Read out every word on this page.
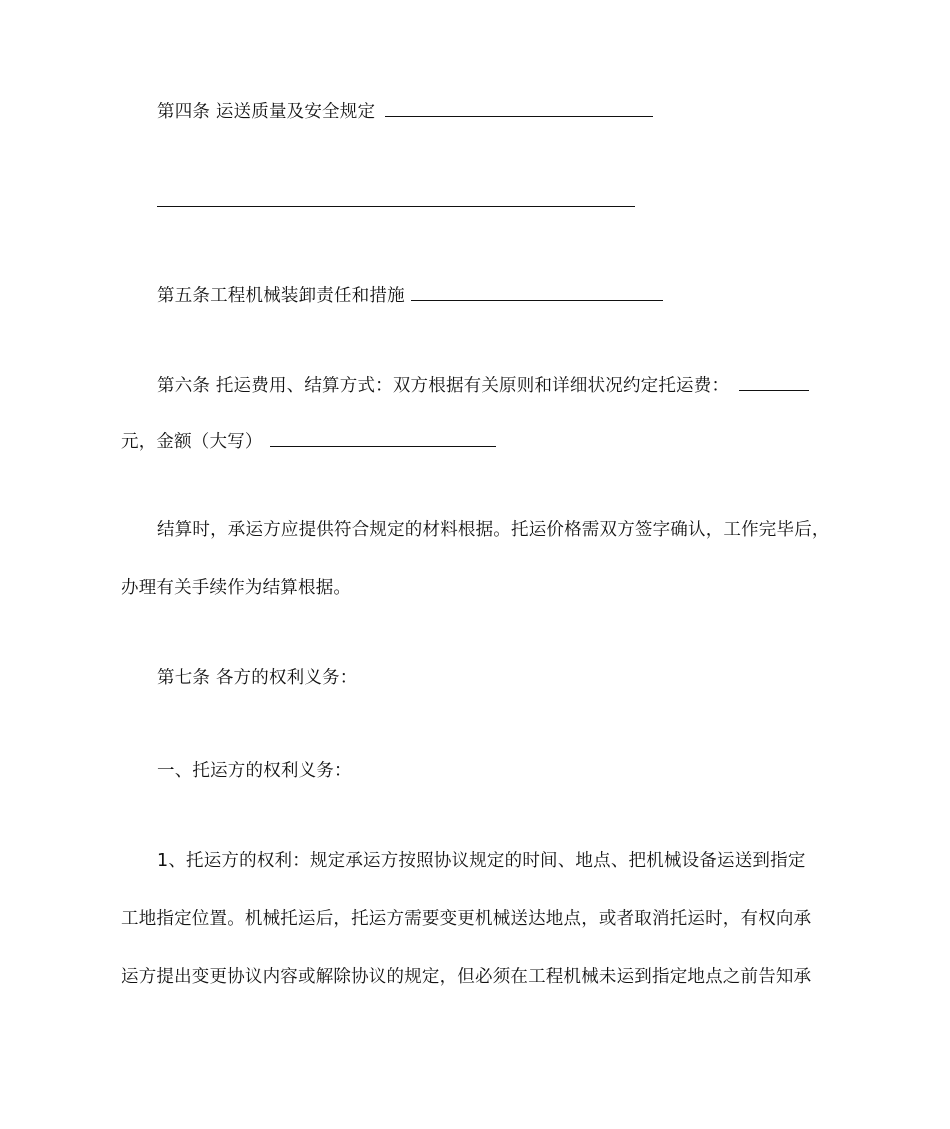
第四条 运送质量及安全规定
第五条工程机械装卸责任和措施
第六条 托运费用、结算方式：双方根据有关原则和详细状况约定托运费：
元，金额（大写）
结算时，承运方应提供符合规定的材料根据。托运价格需双方签字确认，工作完毕后，
办理有关手续作为结算根据。
第七条 各方的权利义务：
一、托运方的权利义务：
1、托运方的权利：规定承运方按照协议规定的时间、地点、把机械设备运送到指定
工地指定位置。机械托运后，托运方需要变更机械送达地点，或者取消托运时，有权向承
运方提出变更协议内容或解除协议的规定，但必须在工程机械未运到指定地点之前告知承
